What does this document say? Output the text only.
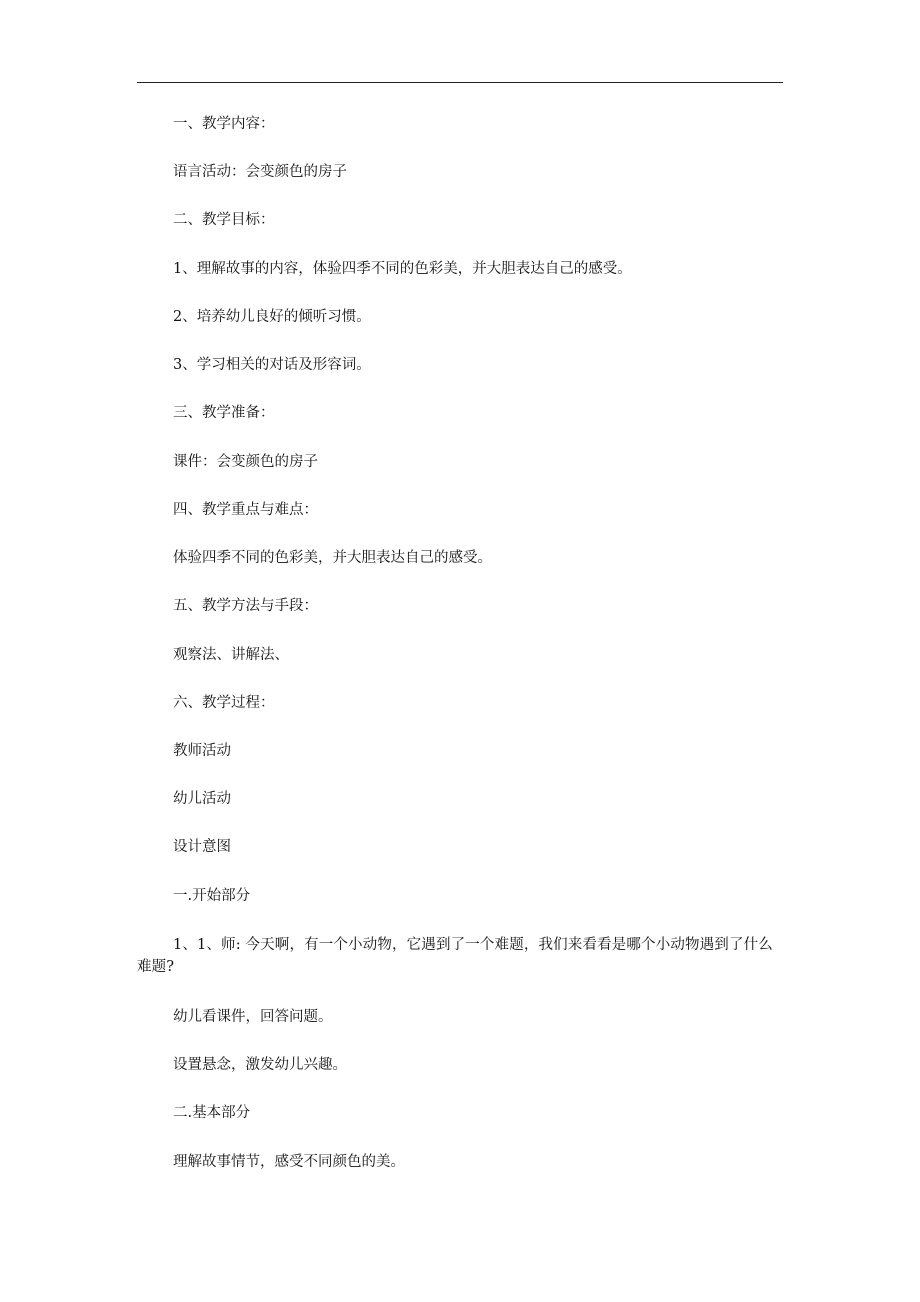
一、教学内容：
语言活动：会变颜色的房子
二、教学目标：
1、理解故事的内容，体验四季不同的色彩美，并大胆表达自己的感受。
2、培养幼儿良好的倾听习惯。
3、学习相关的对话及形容词。
三、教学准备：
课件：会变颜色的房子
四、教学重点与难点：
体验四季不同的色彩美，并大胆表达自己的感受。
五、教学方法与手段：
观察法、讲解法、
六、教学过程：
教师活动
幼儿活动
设计意图
一.开始部分
1、1、师: 今天啊，有一个小动物，它遇到了一个难题，我们来看看是哪个小动物遇到了什么难题?
幼儿看课件，回答问题。
设置悬念，激发幼儿兴趣。
二.基本部分
理解故事情节，感受不同颜色的美。
